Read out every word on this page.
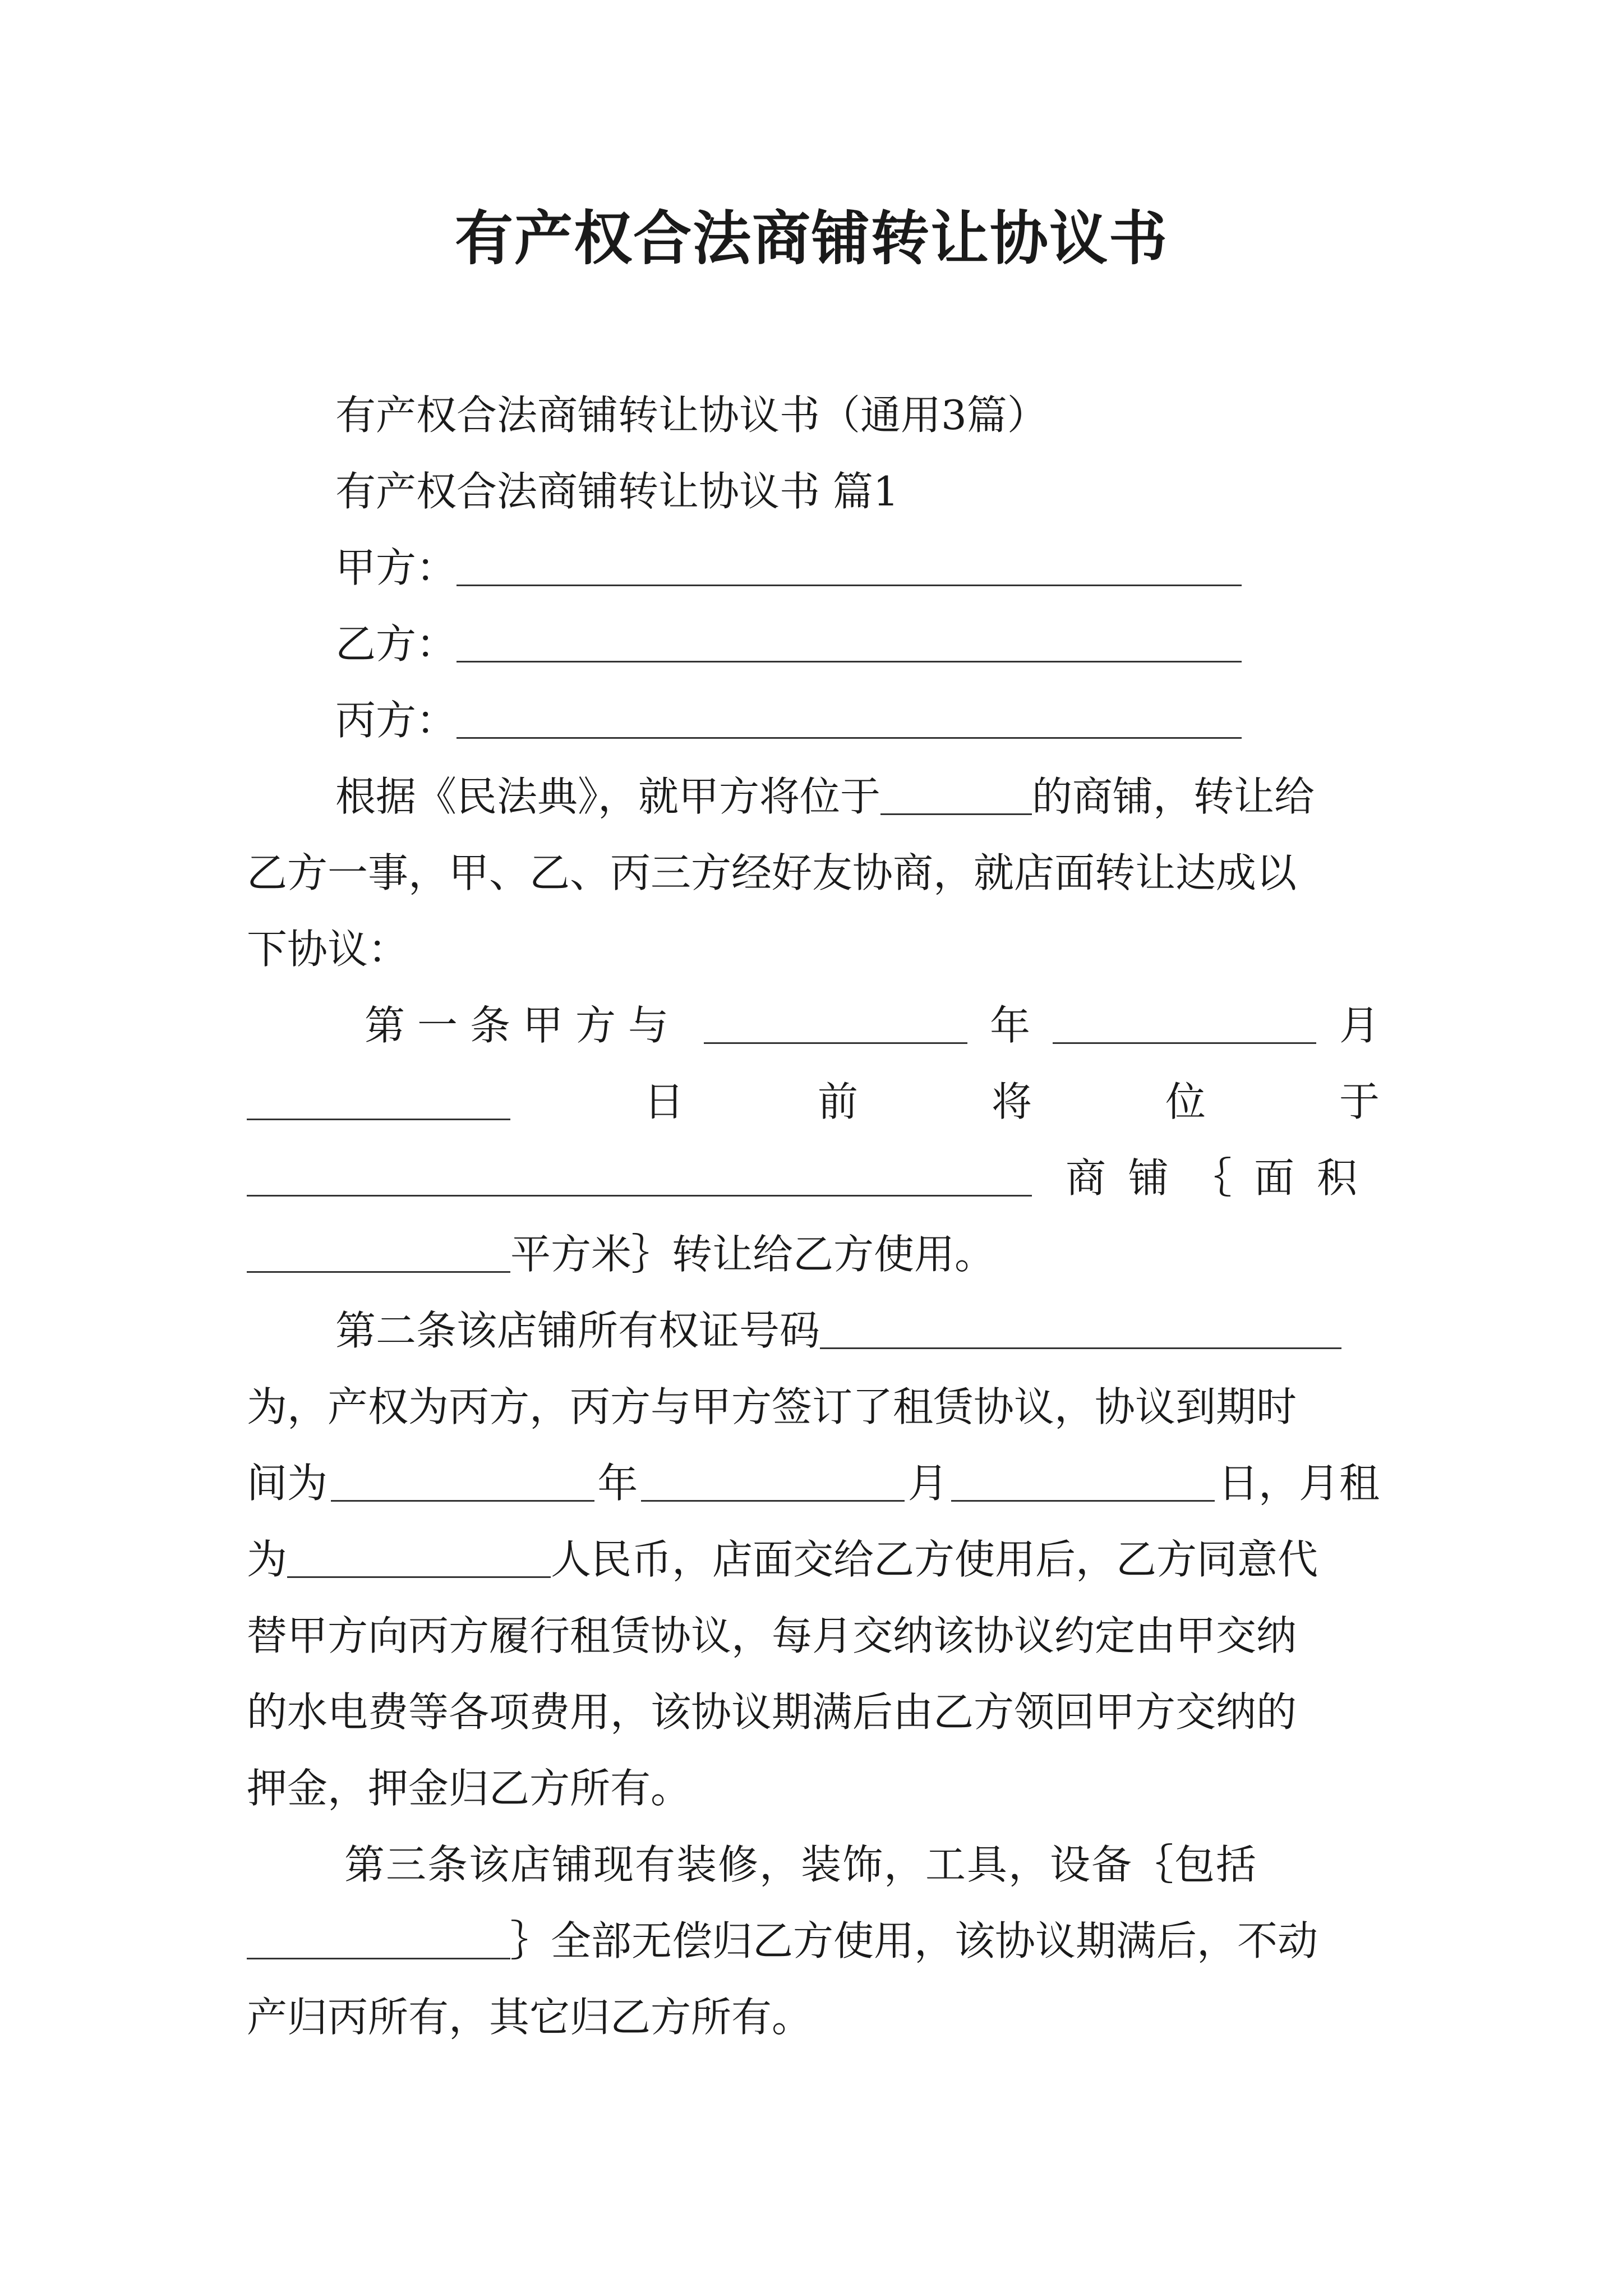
有产权合法商铺转让协议书
有产权合法商铺转让协议书（通用3篇）
有产权合法商铺转让协议书 篇1
甲方：
乙方：
丙方：
根据《民法典》，就甲方将位于	的商铺，转让给
乙方一事，甲、乙、丙三方经好友协商，就店面转让达成以
下协议：
第一条甲方与	年	月
日	前	将	位	于
商铺｛面积
平方米｝转让给乙方使用。
第二条该店铺所有权证号码
为，产权为丙方，丙方与甲方签订了租赁协议，协议到期时
间为	年	月	日，月租
为	人民币，店面交给乙方使用后，乙方同意代
替甲方向丙方履行租赁协议，每月交纳该协议约定由甲交纳
的水电费等各项费用，该协议期满后由乙方领回甲方交纳的
押金，押金归乙方所有。
第三条该店铺现有装修，装饰，工具，设备｛包括
｝全部无偿归乙方使用，该协议期满后，不动
产归丙所有，其它归乙方所有。
